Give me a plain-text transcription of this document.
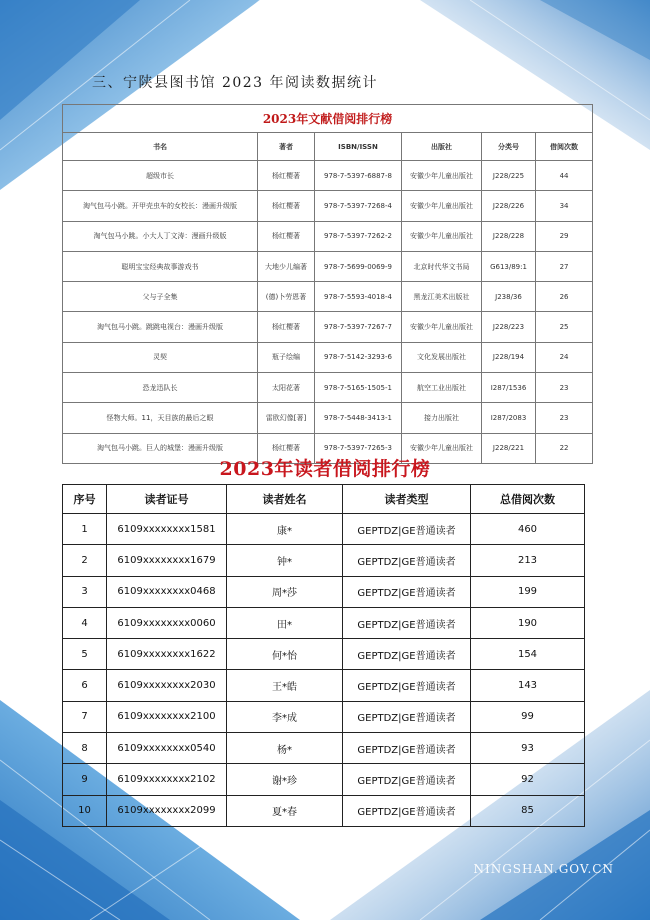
三、宁陕县图书馆 2023 年阅读数据统计
2023年文献借阅排行榜					
书名	著者	ISBN/ISSN	出版社	分类号	借阅次数
超级市长	杨红樱著	978-7-5397-6887-8	安徽少年儿童出版社	J228/225	44
淘气包马小跳。开甲壳虫车的女校长：漫画升级版	杨红樱著	978-7-5397-7268-4	安徽少年儿童出版社	J228/226	34
淘气包马小跳。小大人丁文涛：漫画升级版	杨红樱著	978-7-5397-7262-2	安徽少年儿童出版社	J228/228	29
聪明宝宝经典故事游戏书	大地少儿编著	978-7-5699-0069-9	北京时代华文书局	G613/89:1	27
父与子全集	(德)卜劳恩著	978-7-5593-4018-4	黑龙江美术出版社	J238/36	26
淘气包马小跳。跳跳电视台：漫画升级版	杨红樱著	978-7-5397-7267-7	安徽少年儿童出版社	J228/223	25
灵契	瓶子绘编	978-7-5142-3293-6	文化发展出版社	J228/194	24
恐龙迅队长	太阳花著	978-7-5165-1505-1	航空工业出版社	I287/1536	23
怪物大师。11，天目族的最后之眼	雷欧幻像[著]	978-7-5448-3413-1	接力出版社	I287/2083	23
淘气包马小跳。巨人的城堡：漫画升级版	杨红樱著	978-7-5397-7265-3	安徽少年儿童出版社	J228/221	22
2023年读者借阅排行榜
序号	读者证号	读者姓名	读者类型	总借阅次数
1	6109xxxxxxxx1581	康*	GEPTDZ|GE普通读者	460
2	6109xxxxxxxx1679	钟*	GEPTDZ|GE普通读者	213
3	6109xxxxxxxx0468	周*莎	GEPTDZ|GE普通读者	199
4	6109xxxxxxxx0060	田*	GEPTDZ|GE普通读者	190
5	6109xxxxxxxx1622	何*怡	GEPTDZ|GE普通读者	154
6	6109xxxxxxxx2030	王*皓	GEPTDZ|GE普通读者	143
7	6109xxxxxxxx2100	李*成	GEPTDZ|GE普通读者	99
8	6109xxxxxxxx0540	杨*	GEPTDZ|GE普通读者	93
9	6109xxxxxxxx2102	谢*珍	GEPTDZ|GE普通读者	92
10	6109xxxxxxxx2099	夏*春	GEPTDZ|GE普通读者	85
NINGSHAN.GOV.CN
